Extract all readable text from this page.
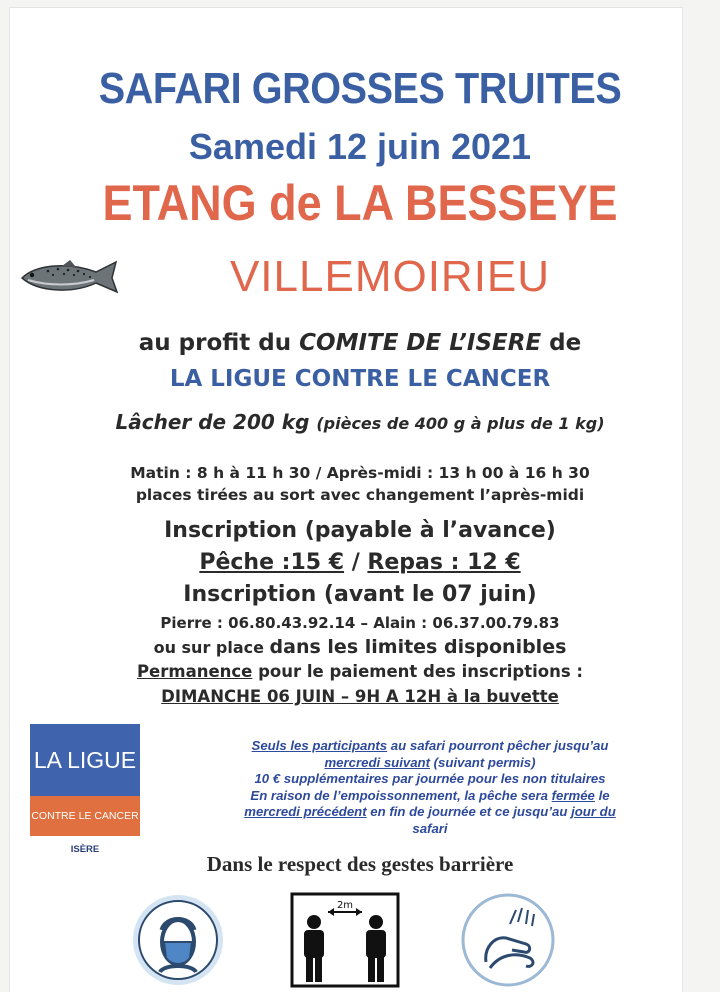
SAFARI GROSSES TRUITES
Samedi 12 juin 2021
ETANG de LA BESSEYE
VILLEMOIRIEU
au profit du COMITE DE L’ISERE de
LA LIGUE CONTRE LE CANCER
Lâcher de 200 kg (pièces de 400 g à plus de 1 kg)
Matin : 8 h à 11 h 30 / Après-midi : 13 h 00 à 16 h 30
places tirées au sort avec changement l’après-midi
Inscription (payable à l’avance)
Pêche :15 € / Repas : 12 €
Inscription (avant le 07 juin)
Pierre : 06.80.43.92.14 – Alain : 06.37.00.79.83
ou sur place dans les limites disponibles
Permanence pour le paiement des inscriptions :
DIMANCHE 06 JUIN – 9H A 12H à la buvette
LA LIGUE
CONTRE LE CANCER
ISÈRE
Seuls les participants au safari pourront pêcher jusqu’au
mercredi suivant (suivant permis)
10 € supplémentaires par journée pour les non titulaires
En raison de l’empoissonnement, la pêche sera fermée le
mercredi précédent en fin de journée et ce jusqu’au jour du
safari
Dans le respect des gestes barrière
2m
